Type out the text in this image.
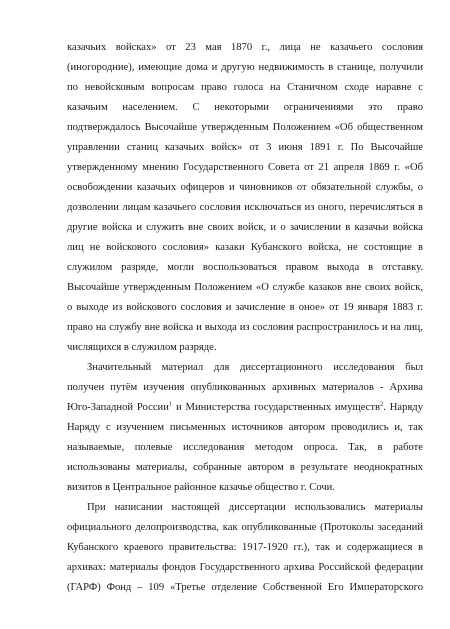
казачьих войсках» от 23 мая 1870 г., лица не казачьего сословия
(иногородние), имеющие дома и другую недвижимость в станице, получили
по невойсковым вопросам право голоса на Станичном сходе наравне с
казачьим населением. С некоторыми ограничениями это право
подтверждалось Высочайше утвержденным Положением «Об общественном
управлении станиц казачьих войск» от 3 июня 1891 г. По Высочайше
утвержденному мнению Государственного Совета от 21 апреля 1869 г. «Об
освобождении казачьих офицеров и чиновников от обязательной службы, о
дозволении лицам казачьего сословия исключаться из оного, перечисляться в
другие войска и служить вне своих войск, и о зачислении в казачьи войска
лиц не войскового сословия» казаки Кубанского войска, не состоящие в
служилом разряде, могли воспользоваться правом выхода в отставку.
Высочайше утвержденным Положением «О службе казаков вне своих войск,
о выходе из войскового сословия и зачисление в оное» от 19 января 1883 г.
право на службу вне войска и выхода из сословия распространилось и на лиц,
числящихся в служилом разряде.
Значительный материал для диссертационного исследования был
получен путём изучения опубликованных архивных материалов - Архива
Юго-Западной России$^1$ и Министерства государственных имуществ$^2$. Наряду
Наряду с изучением письменных источников автором проводились и, так
называемые, полевые исследования методом опроса. Так, в работе
использованы материалы, собранные автором в результате неоднократных
визитов в Центральное районное казачье общество г. Сочи.
При написании настоящей диссертации использовались материалы
официального делопроизводства, как опубликованные (Протоколы заседаний
Кубанского краевого правительства: 1917-1920 гг.), так и содержащиеся в
архивах: материалы фондов Государственного архива Российской федерации
(ГАРФ) Фонд – 109 «Третье отделение Собственной Его Императорского
